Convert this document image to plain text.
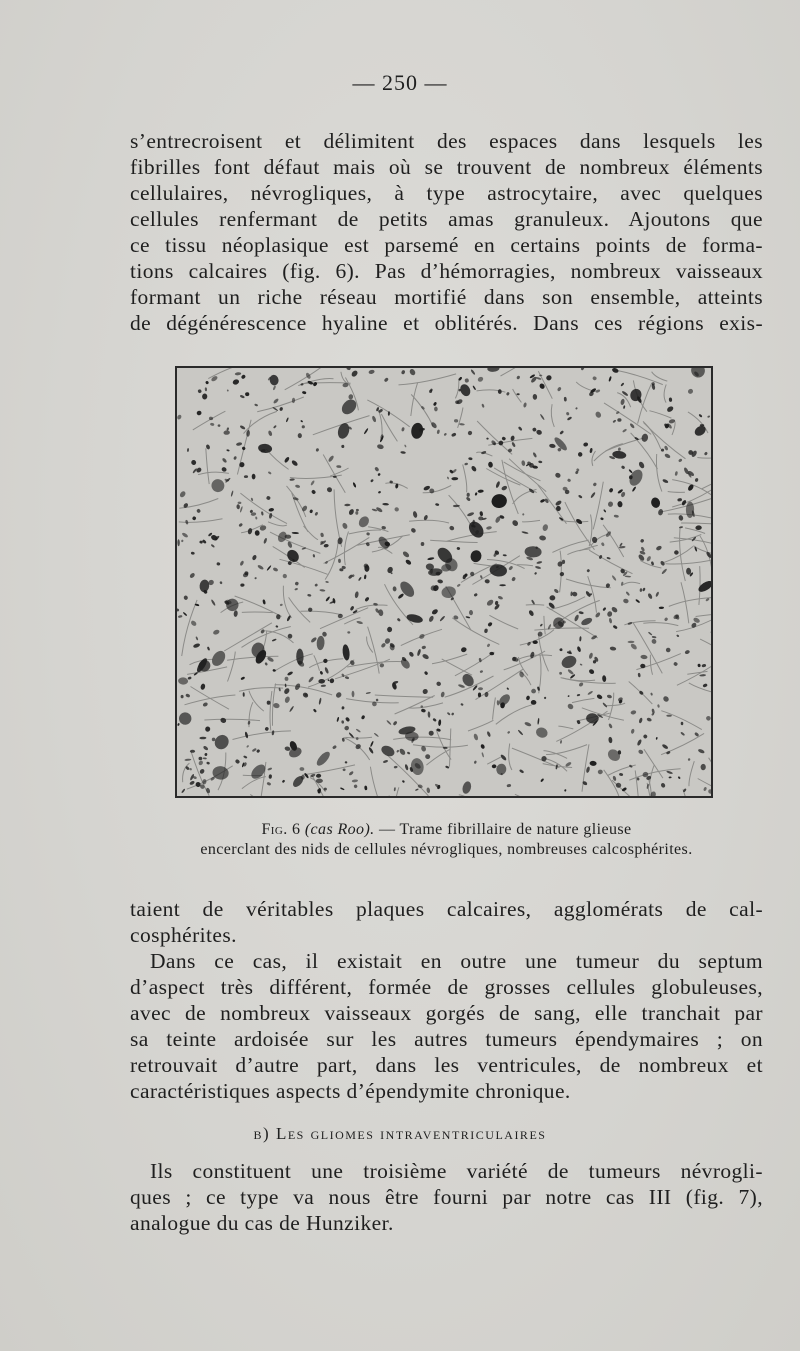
— 250 —

s’entrecroisent et délimitent des espaces dans lesquels les
fibrilles font défaut mais où se trouvent de nombreux éléments
cellulaires, névrogliques, à type astrocytaire, avec quelques
cellules renfermant de petits amas granuleux. Ajoutons que
ce tissu néoplasique est parsemé en certains points de forma-
tions calcaires (fig. 6). Pas d’hémorragies, nombreux vaisseaux
formant un riche réseau mortifié dans son ensemble, atteints
de dégénérescence hyaline et oblitérés. Dans ces régions exis-

Fig. 6 (cas Roo). — Trame fibrillaire de nature glieuse
encerclant des nids de cellules névrogliques, nombreuses calcosphérites.

taient de véritables plaques calcaires, agglomérats de cal-
cosphérites.

Dans ce cas, il existait en outre une tumeur du septum
d’aspect très différent, formée de grosses cellules globuleuses,
avec de nombreux vaisseaux gorgés de sang, elle tranchait par
sa teinte ardoisée sur les autres tumeurs épendymaires ; on
retrouvait d’autre part, dans les ventricules, de nombreux et
caractéristiques aspects d’épendymite chronique.

β) Les gliomes intraventriculaires

Ils constituent une troisième variété de tumeurs névrogli-
ques ; ce type va nous être fourni par notre cas III (fig. 7),
analogue du cas de Hunziker.
